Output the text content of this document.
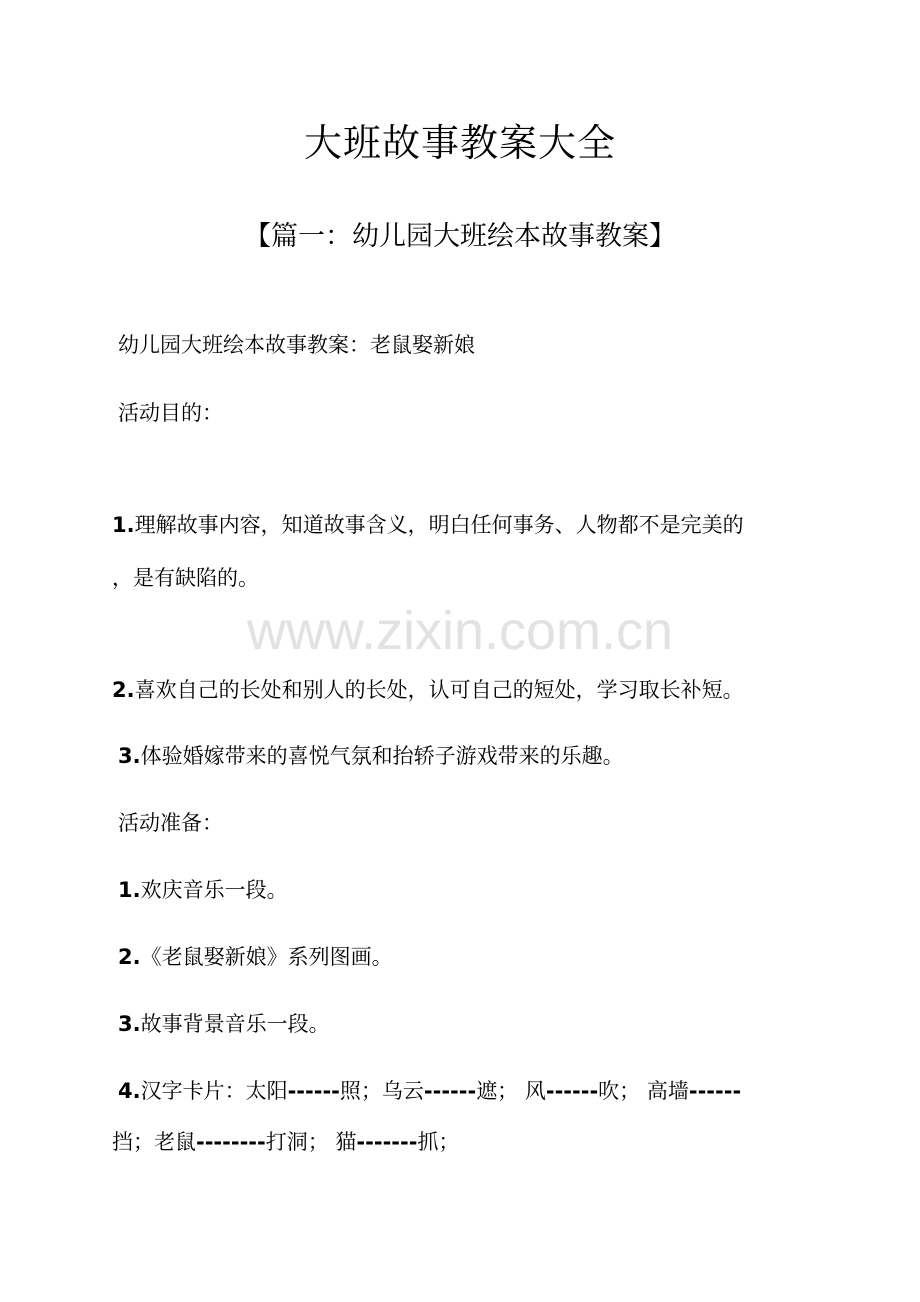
www.zixin.com.cn
大班故事教案大全
【篇一：幼儿园大班绘本故事教案】
幼儿园大班绘本故事教案：老鼠娶新娘
活动目的：
1.理解故事内容，知道故事含义，明白任何事务、人物都不是完美的
，是有缺陷的。
2.喜欢自己的长处和别人的长处，认可自己的短处，学习取长补短。
3.体验婚嫁带来的喜悦气氛和抬轿子游戏带来的乐趣。
活动准备：
1.欢庆音乐一段。
2.《老鼠娶新娘》系列图画。
3.故事背景音乐一段。
4.汉字卡片：太阳------照；乌云------遮； 风------吹； 高墙------
挡；老鼠--------打洞； 猫-------抓；
